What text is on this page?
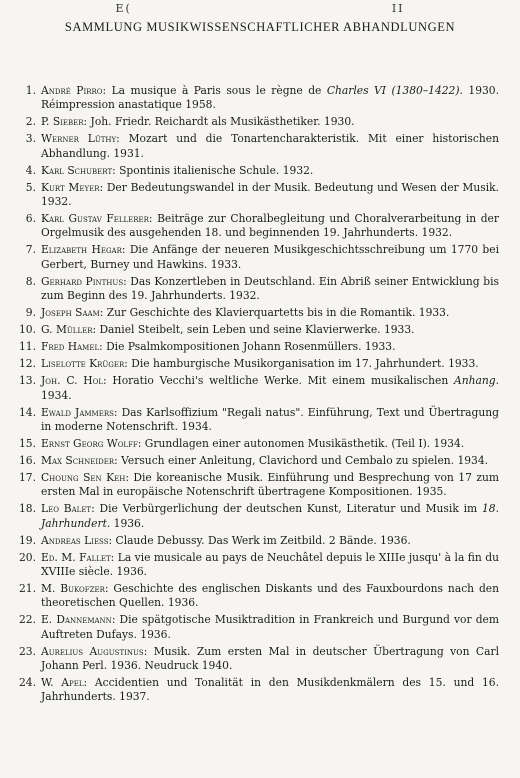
E(	II
SAMMLUNG MUSIKWISSENSCHAFTLICHER ABHANDLUNGEN
1. André Pirro: La musique à Paris sous le règne de Charles VI (1380–1422). 1930. Réimpression anastatique 1958.
2. P. Sieber: Joh. Friedr. Reichardt als Musikästhetiker. 1930.
3. Werner Lüthy: Mozart und die Tonartencharakteristik. Mit einer historischen Abhandlung. 1931.
4. Karl Schubert: Spontinis italienische Schule. 1932.
5. Kurt Meyer: Der Bedeutungswandel in der Musik. Bedeutung und Wesen der Musik. 1932.
6. Karl Gustav Fellerer: Beiträge zur Choralbegleitung und Choralverarbeitung in der Orgelmusik des ausgehenden 18. und beginnenden 19. Jahrhunderts. 1932.
7. Elizabeth Hegar: Die Anfänge der neueren Musikgeschichtsschreibung um 1770 bei Gerbert, Burney und Hawkins. 1933.
8. Gerhard Pinthus: Das Konzertleben in Deutschland. Ein Abriß seiner Entwicklung bis zum Beginn des 19. Jahrhunderts. 1932.
9. Joseph Saam: Zur Geschichte des Klavierquartetts bis in die Romantik. 1933.
10. G. Müller: Daniel Steibelt, sein Leben und seine Klavierwerke. 1933.
11. Fred Hamel: Die Psalmkompositionen Johann Rosenmüllers. 1933.
12. Liselotte Krüger: Die hamburgische Musikorganisation im 17. Jahrhundert. 1933.
13. Joh. C. Hol: Horatio Vecchi's weltliche Werke. Mit einem musikalischen Anhang. 1934.
14. Ewald Jammers: Das Karlsoffizium "Regali natus". Einführung, Text und Übertragung in moderne Notenschrift. 1934.
15. Ernst Georg Wolff: Grundlagen einer autonomen Musikästhetik. (Teil I). 1934.
16. Max Schneider: Versuch einer Anleitung, Clavichord und Cembalo zu spielen. 1934.
17. Choung Sen Keh: Die koreanische Musik. Einführung und Besprechung von 17 zum ersten Mal in europäische Notenschrift übertragene Kompositionen. 1935.
18. Leo Balet: Die Verbürgerlichung der deutschen Kunst, Literatur und Musik im 18. Jahrhundert. 1936.
19. Andreas Liess: Claude Debussy. Das Werk im Zeitbild. 2 Bände. 1936.
20. Ed. M. Fallet: La vie musicale au pays de Neuchâtel depuis le XIIIe jusqu' à la fin du XVIIIe siècle. 1936.
21. M. Bukofzer: Geschichte des englischen Diskants und des Fauxbourdons nach den theoretischen Quellen. 1936.
22. E. Dannemann: Die spätgotische Musiktradition in Frankreich und Burgund vor dem Auftreten Dufays. 1936.
23. Aurelius Augustinus: Musik. Zum ersten Mal in deutscher Übertragung von Carl Johann Perl. 1936. Neudruck 1940.
24. W. Apel: Accidentien und Tonalität in den Musikdenkmälern des 15. und 16. Jahrhunderts. 1937.
